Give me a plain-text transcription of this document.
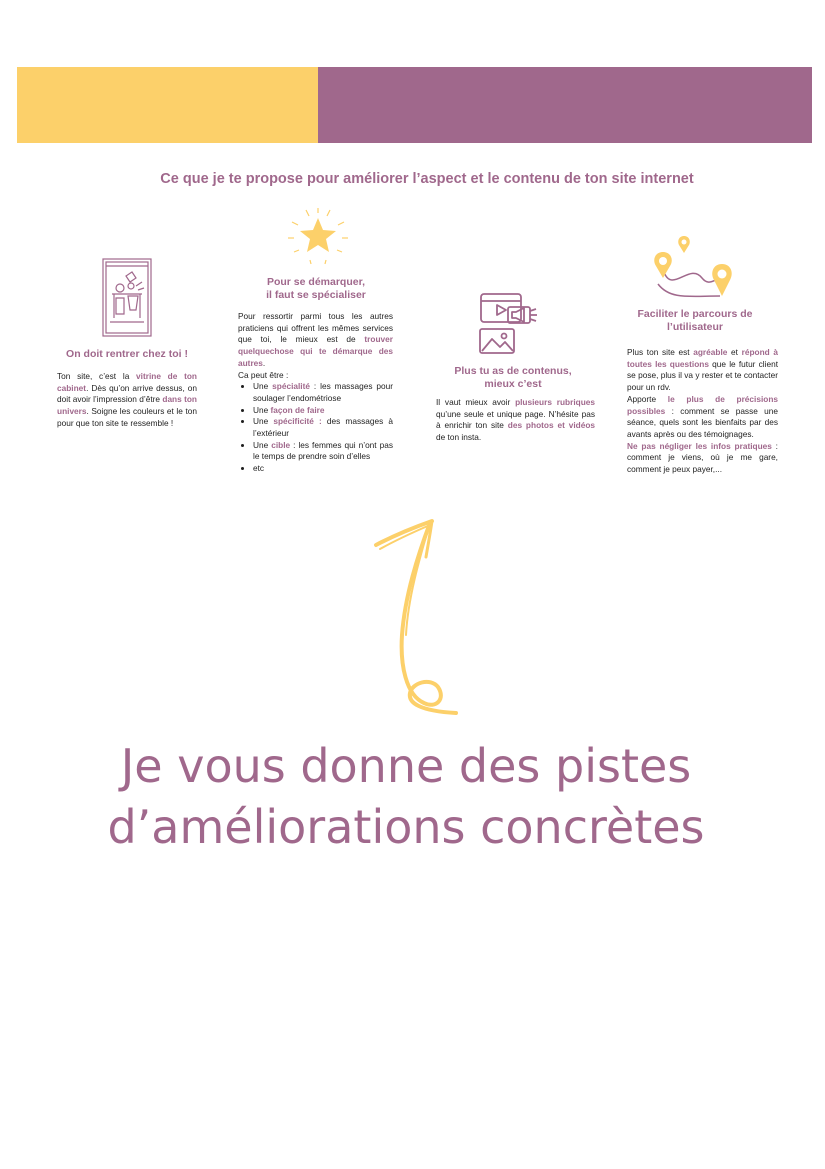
Ce que je te propose pour améliorer l’aspect et le contenu de ton site internet
On doit rentrer chez toi !
Pour se démarquer,
il faut se spécialiser
Plus tu as de contenus,
mieux c’est
Faciliter le parcours de
l’utilisateur

Ton site, c’est la vitrine de ton cabinet. Dès qu’on arrive dessus, on doit avoir l’impression d’être dans ton univers. Soigne les couleurs et le ton pour que ton site te ressemble !

Pour ressortir parmi tous les autres praticiens qui offrent les mêmes services que toi, le mieux est de trouver quelquechose qui te démarque des autres.

Ca peut être :

• Une spécialité : les massages pour soulager l’endométriose
• Une façon de faire
• Une spécificité : des massages à l’extérieur
• Une cible : les femmes qui n’ont pas le temps de prendre soin d’elles
• etc

Il vaut mieux avoir plusieurs rubriques qu’une seule et unique page. N’hésite pas à enrichir ton site des photos et vidéos de ton insta.

Plus ton site est agréable et répond à toutes les questions que le futur client se pose, plus il va y rester et te contacter pour un rdv.

Apporte le plus de précisions possibles : comment se passe une séance, quels sont les bienfaits par des avants après ou des témoignages.

Ne pas négliger les infos pratiques : comment je viens, où je me gare, comment je peux payer,...

Je vous donne des pistes
d’améliorations concrètes
